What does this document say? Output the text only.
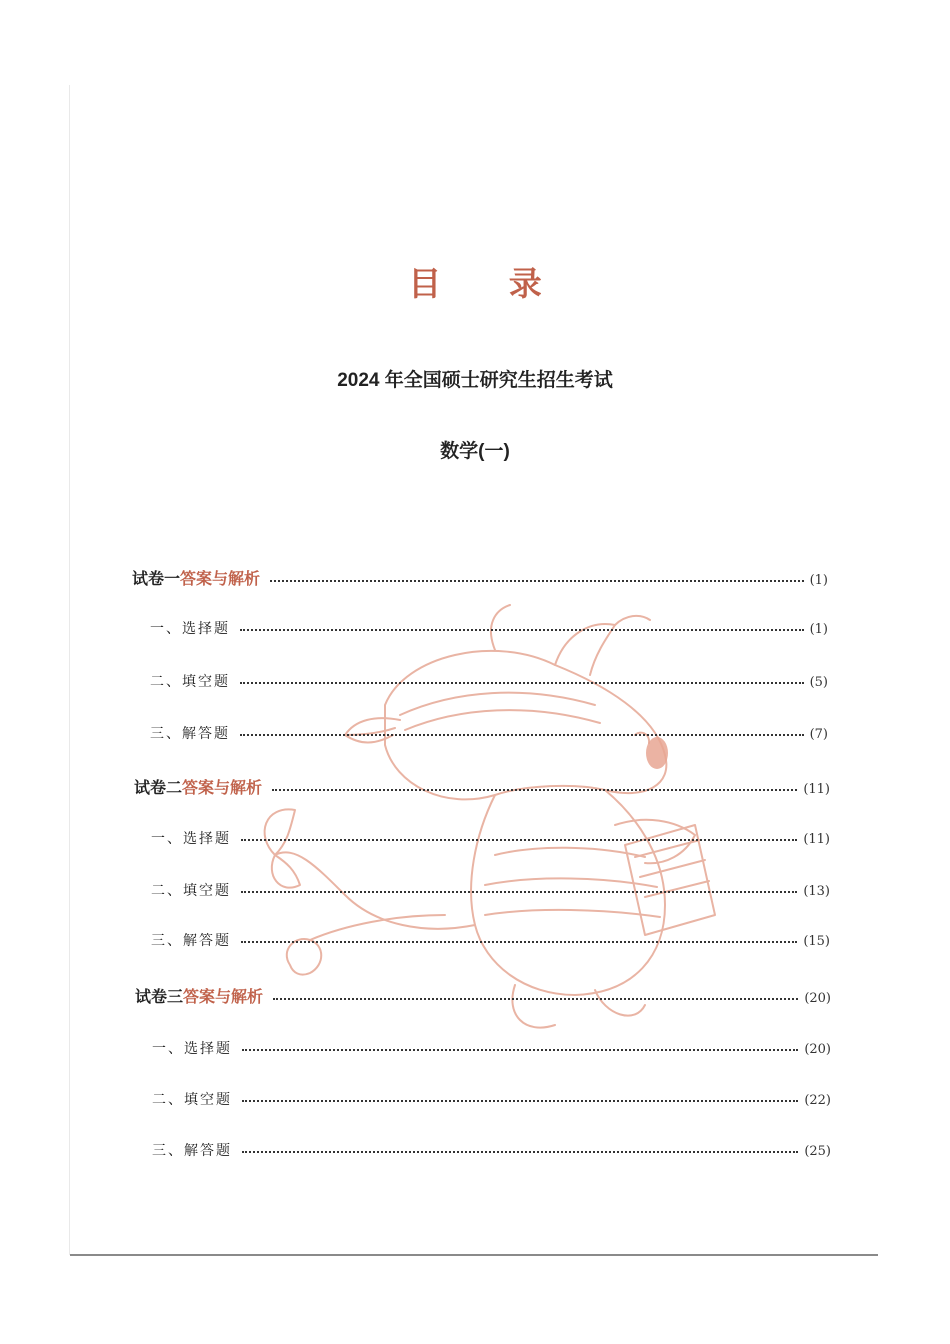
目 录
2024 年全国硕士研究生招生考试
数学(一)
试卷一答案与解析	(1)
一、选择题	(1)
二、填空题	(5)
三、解答题	(7)
试卷二答案与解析	(11)
一、选择题	(11)
二、填空题	(13)
三、解答题	(15)
试卷三答案与解析	(20)
一、选择题	(20)
二、填空题	(22)
三、解答题	(25)
